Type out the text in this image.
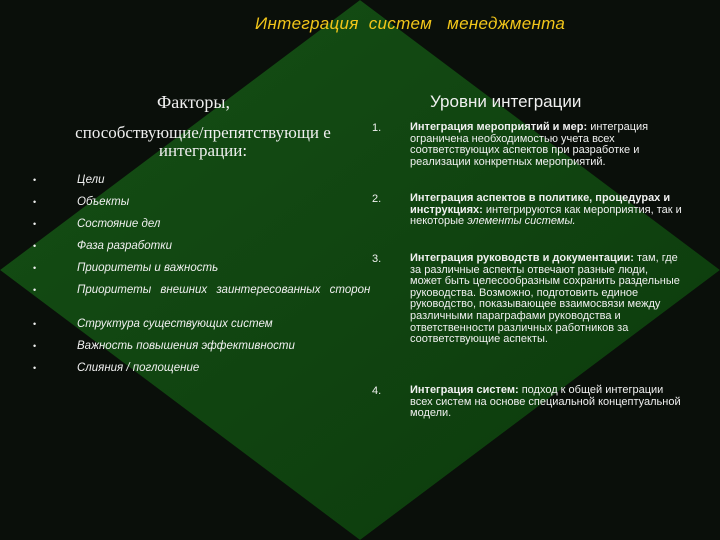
Интеграция  систем   менеджмента
Факторы,
способствующие/препятствующи е интеграции:
•	Цели
•	Объекты
•	Состояние дел
•	Фаза разработки
•	Приоритеты и важность
•	Приоритеты внешних заинтересованных сторон
•	Структура существующих систем
•	Важность повышения эффективности
•	Слияния / поглощение
Уровни интеграции
1.	Интеграция мероприятий и мер: интеграция ограничена необходимостью учета всех соответствующих аспектов при разработке и реализации конкретных мероприятий.
2.	Интеграция аспектов в политике, процедурах и инструкциях: интегрируются как мероприятия, так и некоторые элементы системы.
3.	Интеграция руководств и документации: там, где за различные аспекты отвечают разные люди, может быть целесообразным сохранить раздельные руководства. Возможно, подготовить единое руководство, показывающее взаимосвязи между различными параграфами руководства и ответственности различных работников за соответствующие аспекты.
4.	Интеграция систем: подход к общей интеграции всех систем на основе специальной концептуальной модели.
